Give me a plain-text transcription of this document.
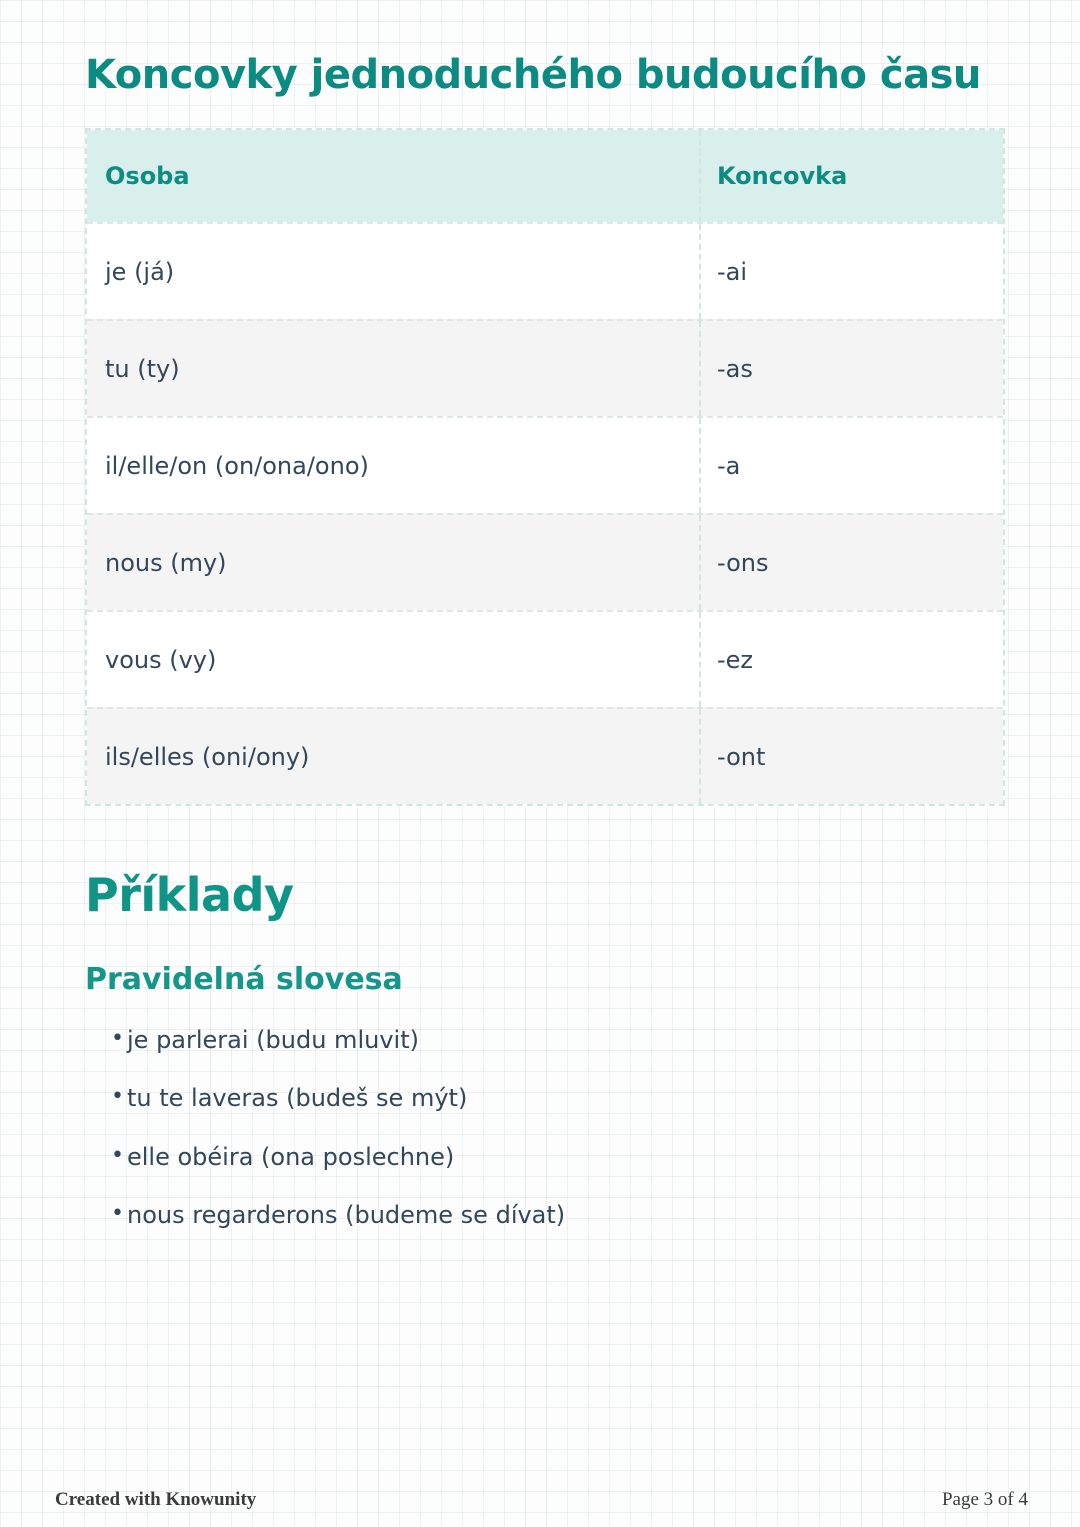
Koncovky jednoduchého budoucího času
Osoba	Koncovka
je (já)	-ai
tu (ty)	-as
il/elle/on (on/ona/ono)	-a
nous (my)	-ons
vous (vy)	-ez
ils/elles (oni/ony)	-ont
Příklady
Pravidelná slovesa
• je parlerai (budu mluvit)
• tu te laveras (budeš se mýt)
• elle obéira (ona poslechne)
• nous regarderons (budeme se dívat)
Created with Knowunity	Page 3 of 4
